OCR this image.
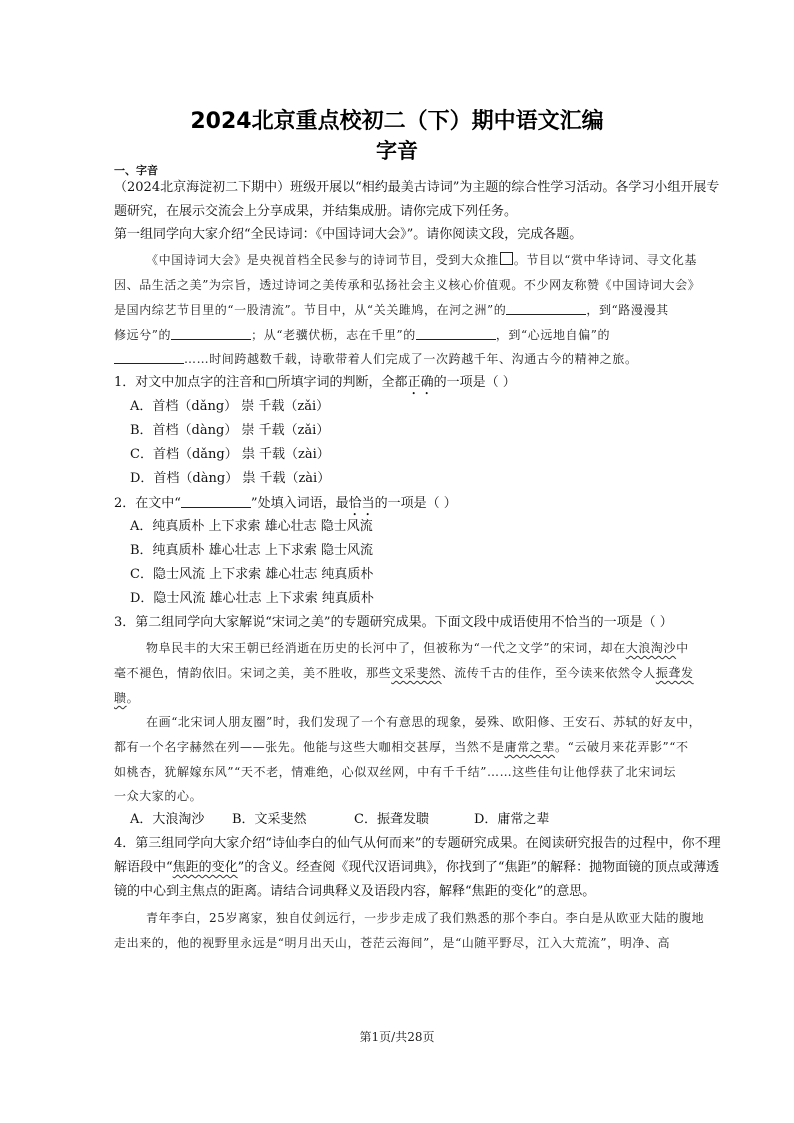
2024北京重点校初二（下）期中语文汇编
字音
一、字音
（2024北京海淀初二下期中）班级开展以“相约最美古诗词”为主题的综合性学习活动。各学习小组开展专
题研究，在展示交流会上分享成果，并结集成册。请你完成下列任务。
第一组同学向大家介绍“全民诗词：《中国诗词大会》”。请你阅读文段，完成各题。
《中国诗词大会》是央视首档全民参与的诗词节目，受到大众推 。节目以“赏中华诗词、寻文化基
因、品生活之美”为宗旨，透过诗词之美传承和弘扬社会主义核心价值观。不少网友称赞《中国诗词大会》
是国内综艺节目里的“一股清流”。节目中，从“关关雎鸠，在河之洲”的	，到“路漫漫其
修远兮”的	；从“老骥伏枥，志在千里”的	，到“心远地自偏”的
……时间跨越数千载，诗歌带着人们完成了一次跨越千年、沟通古今的精神之旅。
1．对文中加点字的注音和□所填字词的判断，全都正确的一项是（ ）
A．首档（dǎng） 崇 千载（zǎi）
B．首档（dàng） 崇 千载（zǎi）
C．首档（dǎng） 祟 千载（zài）
D．首档（dàng） 祟 千载（zài）
2．在文中“	”处填入词语，最恰当的一项是（ ）
A．纯真质朴 上下求索 雄心壮志 隐士风流
B．纯真质朴 雄心壮志 上下求索 隐士风流
C．隐士风流 上下求索 雄心壮志 纯真质朴
D．隐士风流 雄心壮志 上下求索 纯真质朴
3．第二组同学向大家解说“宋词之美”的专题研究成果。下面文段中成语使用不恰当的一项是（ ）
物阜民丰的大宋王朝已经消逝在历史的长河中了，但被称为“一代之文学”的宋词，却在大浪淘沙中
毫不褪色，情韵依旧。宋词之美，美不胜收，那些文采斐然、流传千古的佳作，至今读来依然令人振聋发
聩。
在画“北宋词人朋友圈”时，我们发现了一个有意思的现象，晏殊、欧阳修、王安石、苏轼的好友中，
都有一个名字赫然在列——张先。他能与这些大咖相交甚厚，当然不是庸常之辈。“云破月来花弄影”“不
如桃杏，犹解嫁东风”“天不老，情难绝，心似双丝网，中有千千结”……这些佳句让他俘获了北宋词坛
一众大家的心。
A．大浪淘沙 B．文采斐然	C．振聋发聩	D．庸常之辈
4．第三组同学向大家介绍“诗仙李白的仙气从何而来”的专题研究成果。在阅读研究报告的过程中，你不理
解语段中“焦距的变化”的含义。经查阅《现代汉语词典》，你找到了“焦距”的解释：抛物面镜的顶点或薄透
镜的中心到主焦点的距离。请结合词典释义及语段内容，解释“焦距的变化”的意思。
青年李白，25岁离家，独自仗剑远行，一步步走成了我们熟悉的那个李白。李白是从欧亚大陆的腹地
走出来的，他的视野里永远是“明月出天山，苍茫云海间”，是“山随平野尽，江入大荒流”，明净、高
第1页/共28页
